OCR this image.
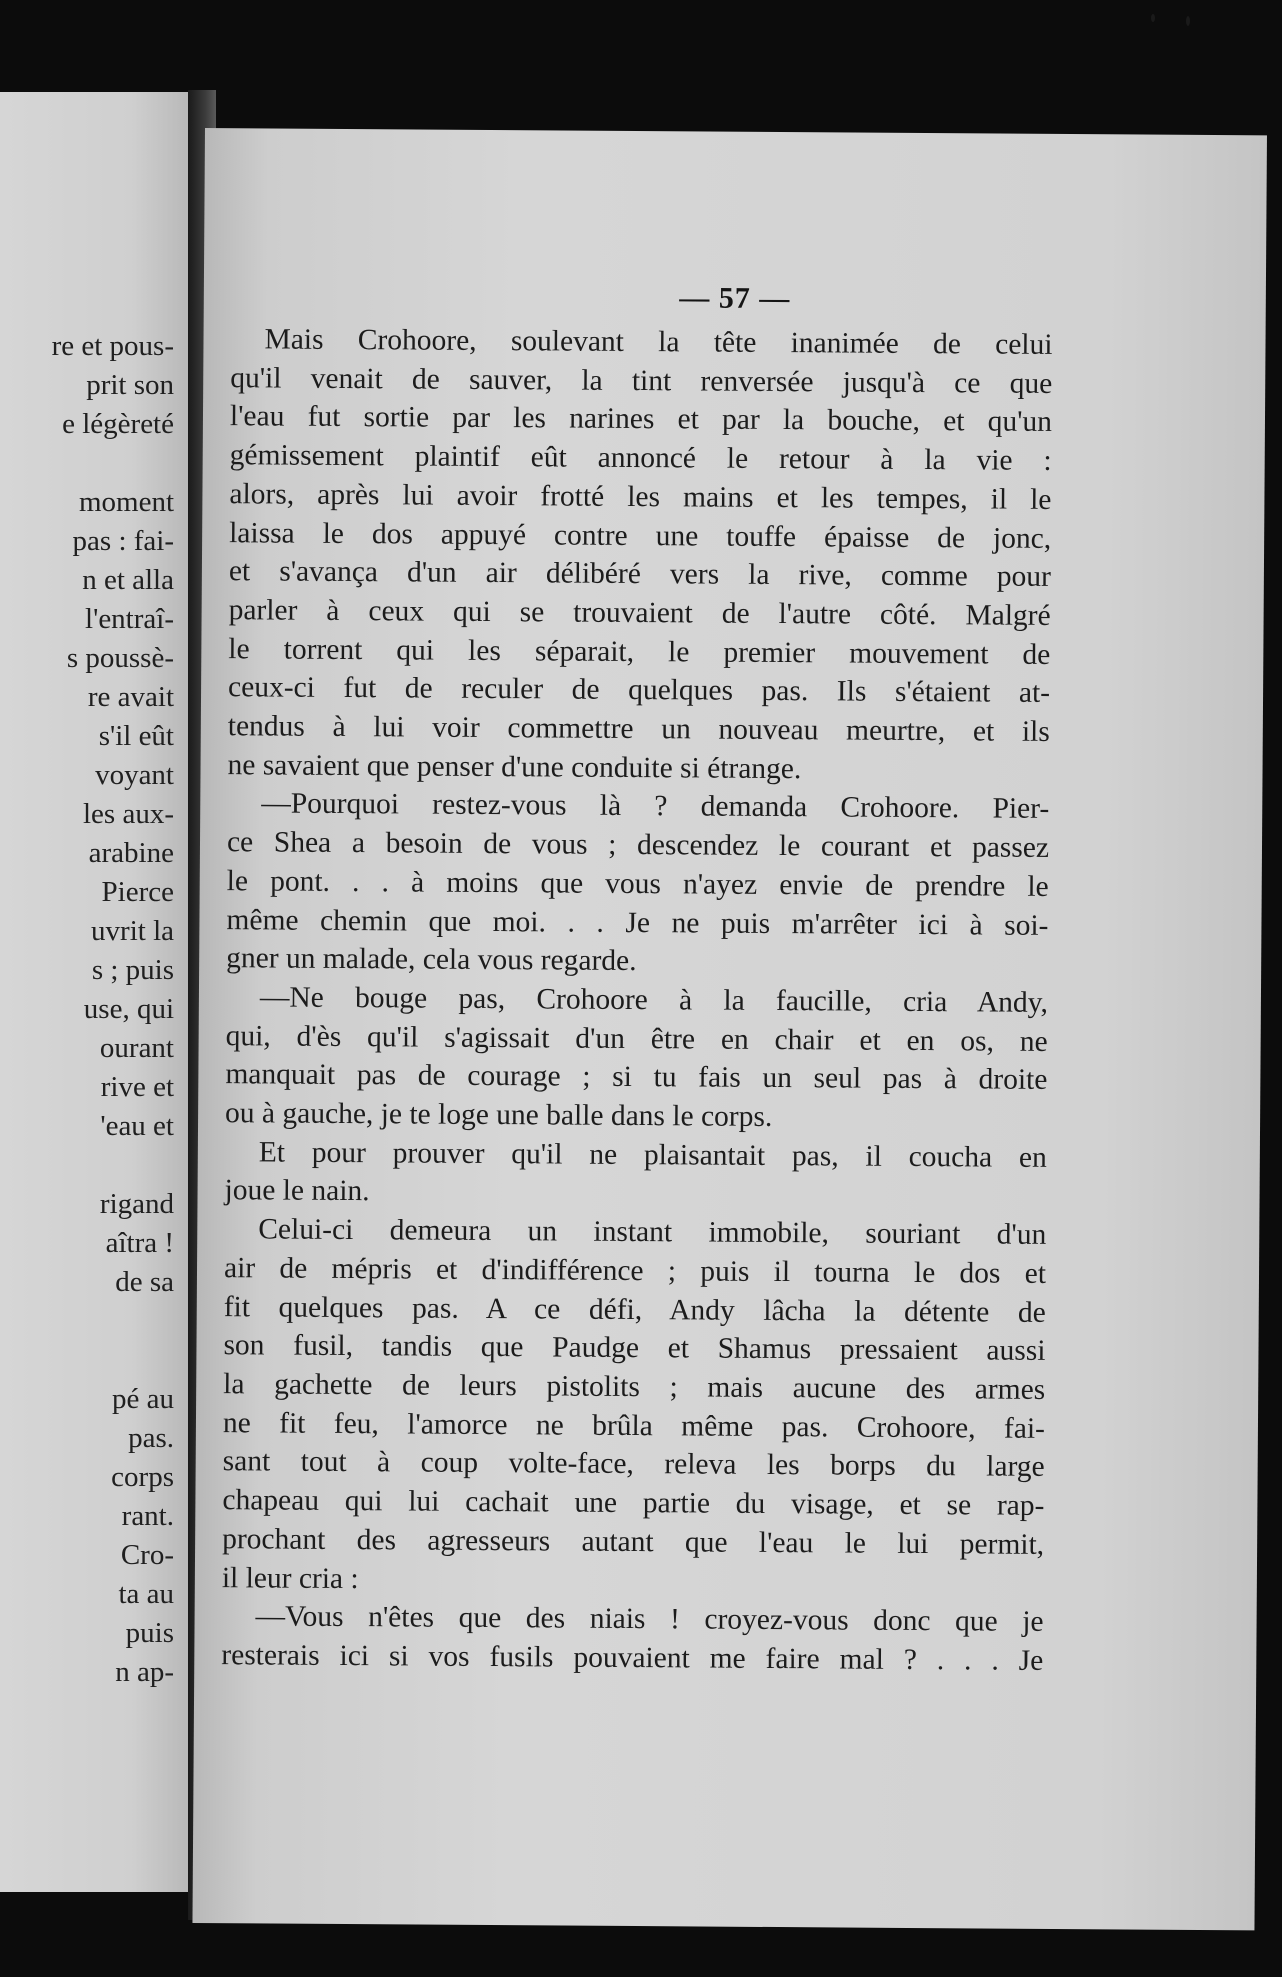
re et pous-
prit son
e légèreté
moment
pas : fai-
n et alla
l'entraî-
s poussè-
re avait
s'il eût
voyant
les aux-
arabine
Pierce
uvrit la
s ; puis
use, qui
ourant
rive et
'eau et
rigand
aîtra !
de sa
pé au
pas.
corps
rant.
Cro-
ta au
puis
n ap-
— 57 —
Mais Crohoore, soulevant la tête inanimée de celui
qu'il venait de sauver, la tint renversée jusqu'à ce que
l'eau fut sortie par les narines et par la bouche, et qu'un
gémissement plaintif eût annoncé le retour à la vie :
alors, après lui avoir frotté les mains et les tempes, il le
laissa le dos appuyé contre une touffe épaisse de jonc,
et s'avança d'un air délibéré vers la rive, comme pour
parler à ceux qui se trouvaient de l'autre côté. Malgré
le torrent qui les séparait, le premier mouvement de
ceux-ci fut de reculer de quelques pas. Ils s'étaient at-
tendus à lui voir commettre un nouveau meurtre, et ils
ne savaient que penser d'une conduite si étrange.
—Pourquoi restez-vous là ? demanda Crohoore. Pier-
ce Shea a besoin de vous ; descendez le courant et passez
le pont. . . à moins que vous n'ayez envie de prendre le
même chemin que moi. . . Je ne puis m'arrêter ici à soi-
gner un malade, cela vous regarde.
—Ne bouge pas, Crohoore à la faucille, cria Andy,
qui, d'ès qu'il s'agissait d'un être en chair et en os, ne
manquait pas de courage ; si tu fais un seul pas à droite
ou à gauche, je te loge une balle dans le corps.
Et pour prouver qu'il ne plaisantait pas, il coucha en
joue le nain.
Celui-ci demeura un instant immobile, souriant d'un
air de mépris et d'indifférence ; puis il tourna le dos et
fit quelques pas. A ce défi, Andy lâcha la détente de
son fusil, tandis que Paudge et Shamus pressaient aussi
la gachette de leurs pistolits ; mais aucune des armes
ne fit feu, l'amorce ne brûla même pas. Crohoore, fai-
sant tout à coup volte-face, releva les borps du large
chapeau qui lui cachait une partie du visage, et se rap-
prochant des agresseurs autant que l'eau le lui permit,
il leur cria :
—Vous n'êtes que des niais ! croyez-vous donc que je
resterais ici si vos fusils pouvaient me faire mal ? . . . Je
